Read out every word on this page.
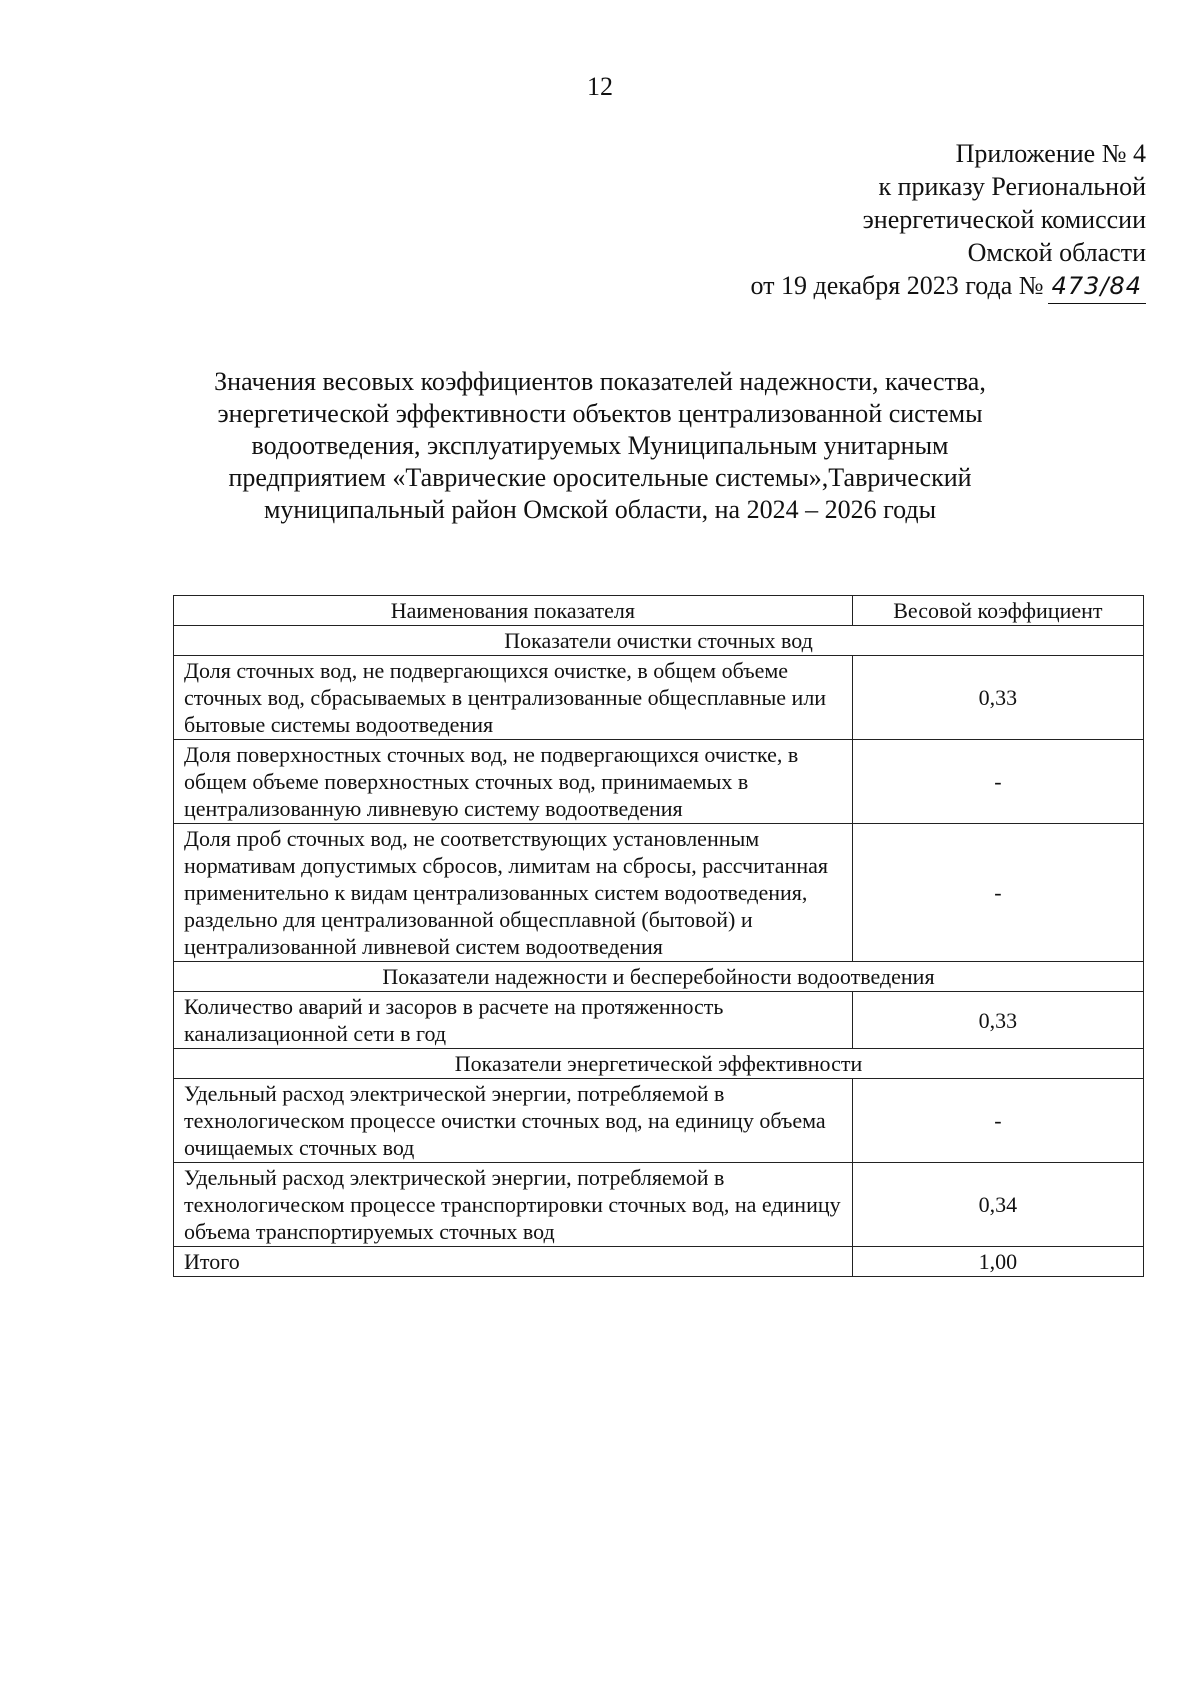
12
Приложение № 4
к приказу Региональной
энергетической комиссии
Омской области
от 19 декабря 2023 года № 473/84
Значения весовых коэффициентов показателей надежности, качества,
энергетической эффективности объектов централизованной системы
водоотведения, эксплуатируемых Муниципальным унитарным
предприятием «Таврические оросительные системы»,Таврический
муниципальный район Омской области, на 2024 – 2026 годы
Наименования показателя	Весовой коэффициент
Показатели очистки сточных вод	
Доля сточных вод, не подвергающихся очистке, в общем объеме сточных вод, сбрасываемых в централизованные общесплавные или бытовые системы водоотведения	0,33
Доля поверхностных сточных вод, не подвергающихся очистке, в общем объеме поверхностных сточных вод, принимаемых в централизованную ливневую систему водоотведения	-
Доля проб сточных вод, не соответствующих установленным нормативам допустимых сбросов, лимитам на сбросы, рассчитанная применительно к видам централизованных систем водоотведения, раздельно для централизованной общесплавной (бытовой) и централизованной ливневой систем водоотведения	-
Показатели надежности и бесперебойности водоотведения	
Количество аварий и засоров в расчете на протяженность канализационной сети в год	0,33
Показатели энергетической эффективности	
Удельный расход электрической энергии, потребляемой в технологическом процессе очистки сточных вод, на единицу объема очищаемых сточных вод	-
Удельный расход электрической энергии, потребляемой в технологическом процессе транспортировки сточных вод, на единицу объема транспортируемых сточных вод	0,34
Итого	1,00
